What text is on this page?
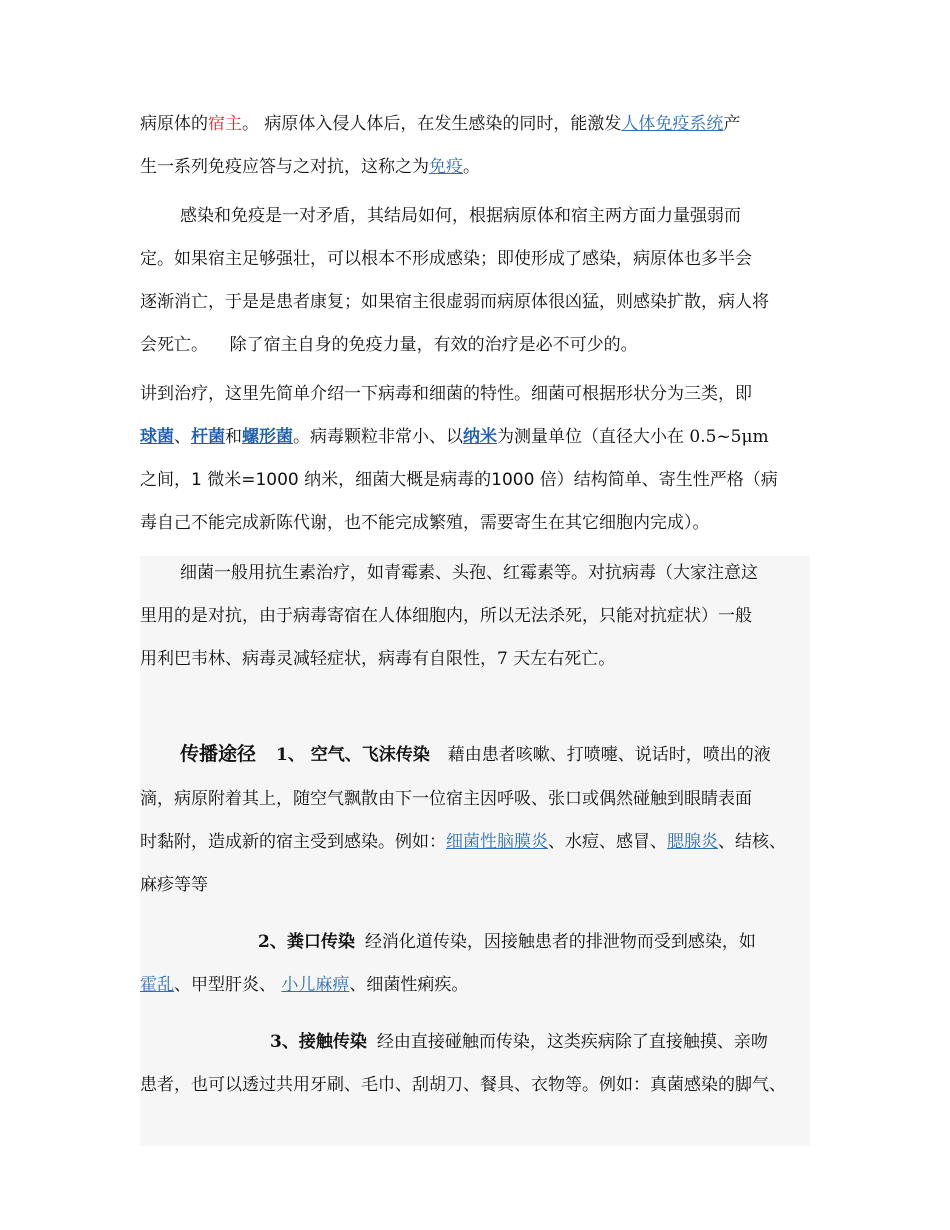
病原体的宿主。 病原体入侵人体后，在发生感染的同时，能激发人体免疫系统产
生一系列免疫应答与之对抗，这称之为免疫。
感染和免疫是一对矛盾，其结局如何，根据病原体和宿主两方面力量强弱而
定。如果宿主足够强壮，可以根本不形成感染；即使形成了感染，病原体也多半会
逐渐消亡，于是是患者康复；如果宿主很虚弱而病原体很凶猛，则感染扩散，病人将
会死亡。    除了宿主自身的免疫力量，有效的治疗是必不可少的。
讲到治疗，这里先简单介绍一下病毒和细菌的特性。细菌可根据形状分为三类，即
球菌、杆菌和螺形菌。病毒颗粒非常小、以纳米为测量单位（直径大小在 0.5~5μm
之间，1 微米=1000 纳米，细菌大概是病毒的1000 倍）结构简单、寄生性严格（病
毒自己不能完成新陈代谢，也不能完成繁殖，需要寄生在其它细胞内完成）。
细菌一般用抗生素治疗，如青霉素、头孢、红霉素等。对抗病毒（大家注意这
里用的是对抗，由于病毒寄宿在人体细胞内，所以无法杀死，只能对抗症状）一般
用利巴韦林、病毒灵减轻症状，病毒有自限性，7 天左右死亡。
传播途径 1、 空气、飞沫传染 藉由患者咳嗽、打喷嚏、说话时，喷出的液
滴，病原附着其上，随空气飘散由下一位宿主因呼吸、张口或偶然碰触到眼睛表面
时黏附，造成新的宿主受到感染。例如：细菌性脑膜炎、水痘、感冒、腮腺炎、结核、
麻疹等等
2、粪口传染 经消化道传染，因接触患者的排泄物而受到感染，如
霍乱、甲型肝炎、 小儿麻痹、细菌性痢疾。
3、接触传染 经由直接碰触而传染，这类疾病除了直接触摸、亲吻
患者，也可以透过共用牙刷、毛巾、刮胡刀、餐具、衣物等。例如：真菌感染的脚气、
